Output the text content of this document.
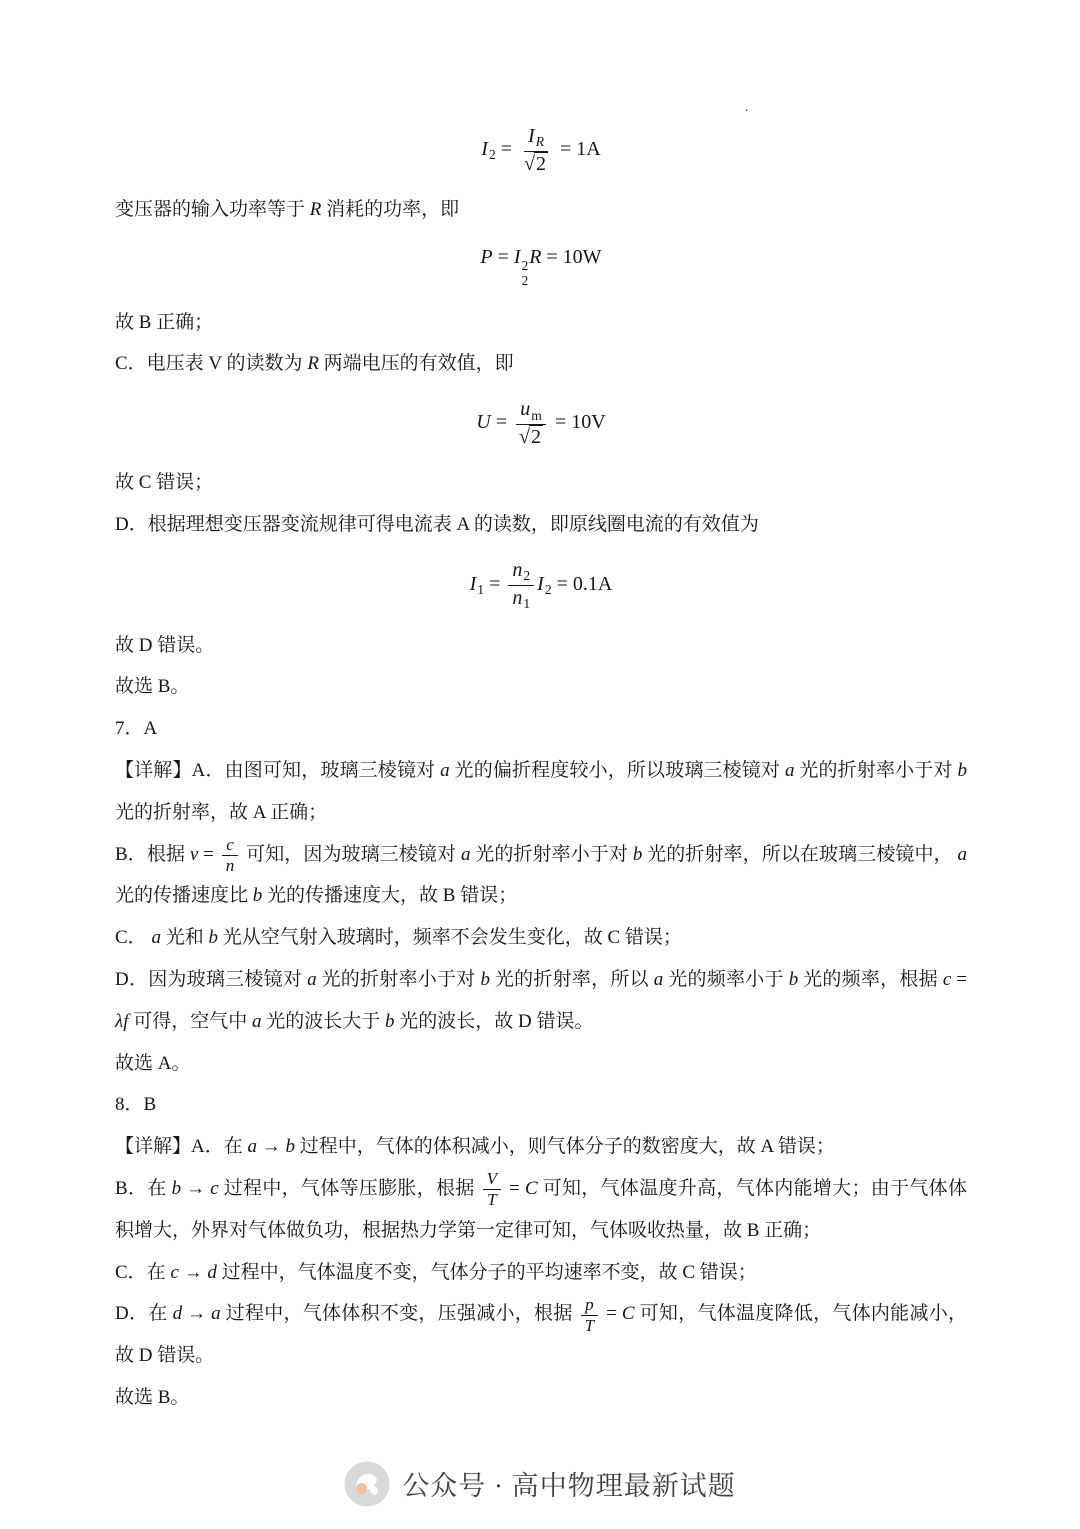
.
$I_2 = \frac{I_R}{√2} = 1A$
变压器的输入功率等于 R 消耗的功率，即
P = I 2
2
R = 10W
故 B 正确；
C．电压表 V 的读数为 R 两端电压的有效值，即
$U = \frac{u_m}{√2} = 10V$
故 C 错误；
D．根据理想变压器变流规律可得电流表 A 的读数，即原线圈电流的有效值为
$I_1 = \frac{n_2}{n_1} I_2 = 0.1A$
故 D 错误。
故选 B。
7．A
【详解】A．由图可知，玻璃三棱镜对 a 光的偏折程度较小，所以玻璃三棱镜对 a 光的折射率小于对 b 光的折射率，故 A 正确；
B．根据 $v = \frac{c}{n}$ 可知，因为玻璃三棱镜对 a 光的折射率小于对 b 光的折射率，所以在玻璃三棱镜中， a 光的传播速度比 b 光的传播速度大，故 B 错误；
C． a 光和 b 光从空气射入玻璃时，频率不会发生变化，故 C 错误；
D．因为玻璃三棱镜对 a 光的折射率小于对 b 光的折射率，所以 a 光的频率小于 b 光的频率，根据 c = λf 可得，空气中 a 光的波长大于 b 光的波长，故 D 错误。
故选 A。
8．B
【详解】A．在 a → b 过程中，气体的体积减小，则气体分子的数密度大，故 A 错误；
B．在 b → c 过程中，气体等压膨胀，根据 $\frac{V}{T} = C$ 可知，气体温度升高，气体内能增大；由于气体体积增大，外界对气体做负功，根据热力学第一定律可知，气体吸收热量，故 B 正确；
C．在 c → d 过程中，气体温度不变，气体分子的平均速率不变，故 C 错误；
D．在 d → a 过程中，气体体积不变，压强减小，根据 $\frac{p}{T} = C$ 可知，气体温度降低，气体内能减小，故 D 错误。
故选 B。
公众号 · 高中物理最新试题
